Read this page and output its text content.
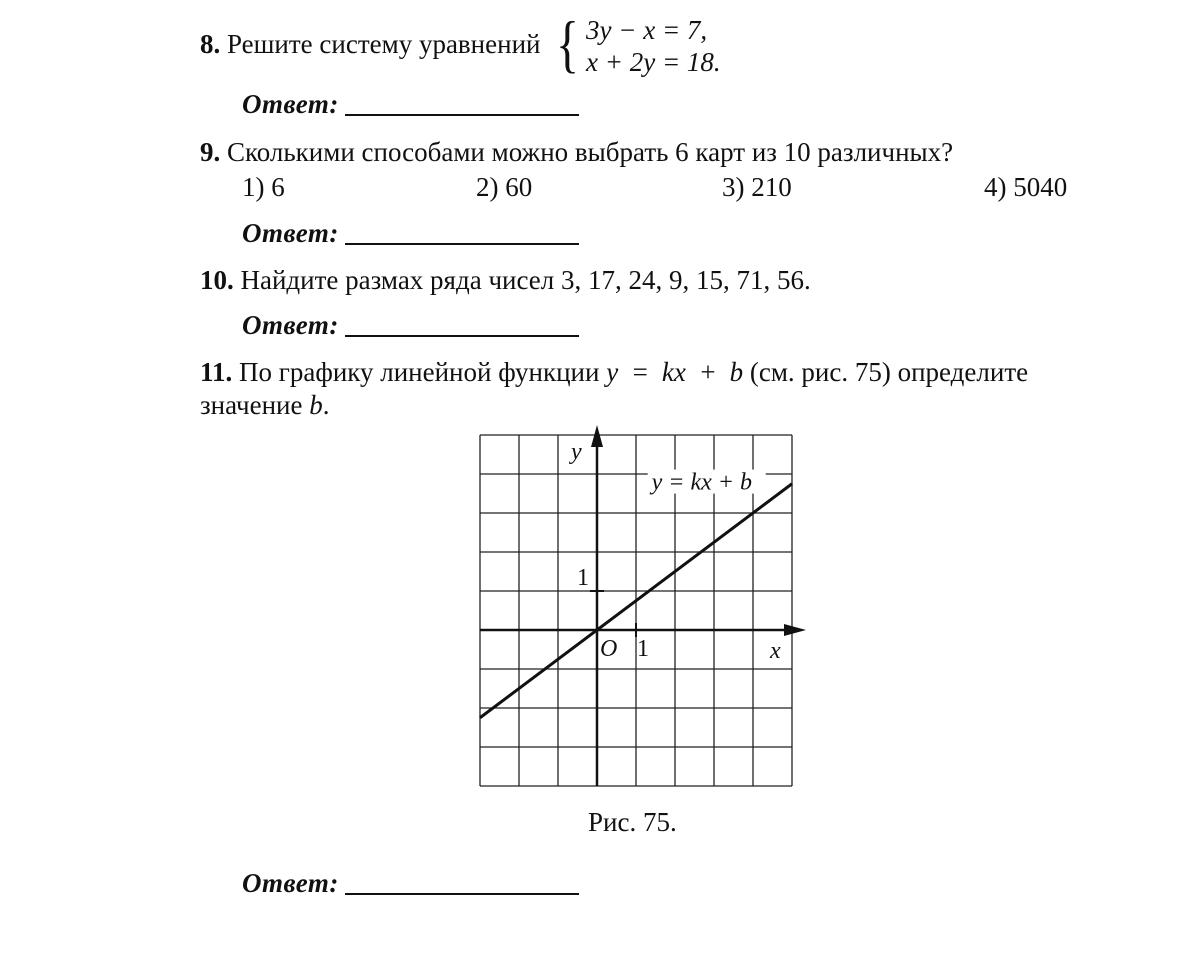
8. Решите систему уравнений { 3y − x = 7,
x + 2y = 18.
Ответ:
9. Сколькими способами можно выбрать 6 карт из 10 различных?
1) 6	2) 60	3) 210	4) 5040
Ответ:
10. Найдите размах ряда чисел 3, 17, 24, 9, 15, 71, 56.
Ответ:
11. По графику линейной функции y = kx + b (см. рис. 75) определите
значение b.
y = kx + b
x
y
O 1
1
Рис. 75.
Ответ:
